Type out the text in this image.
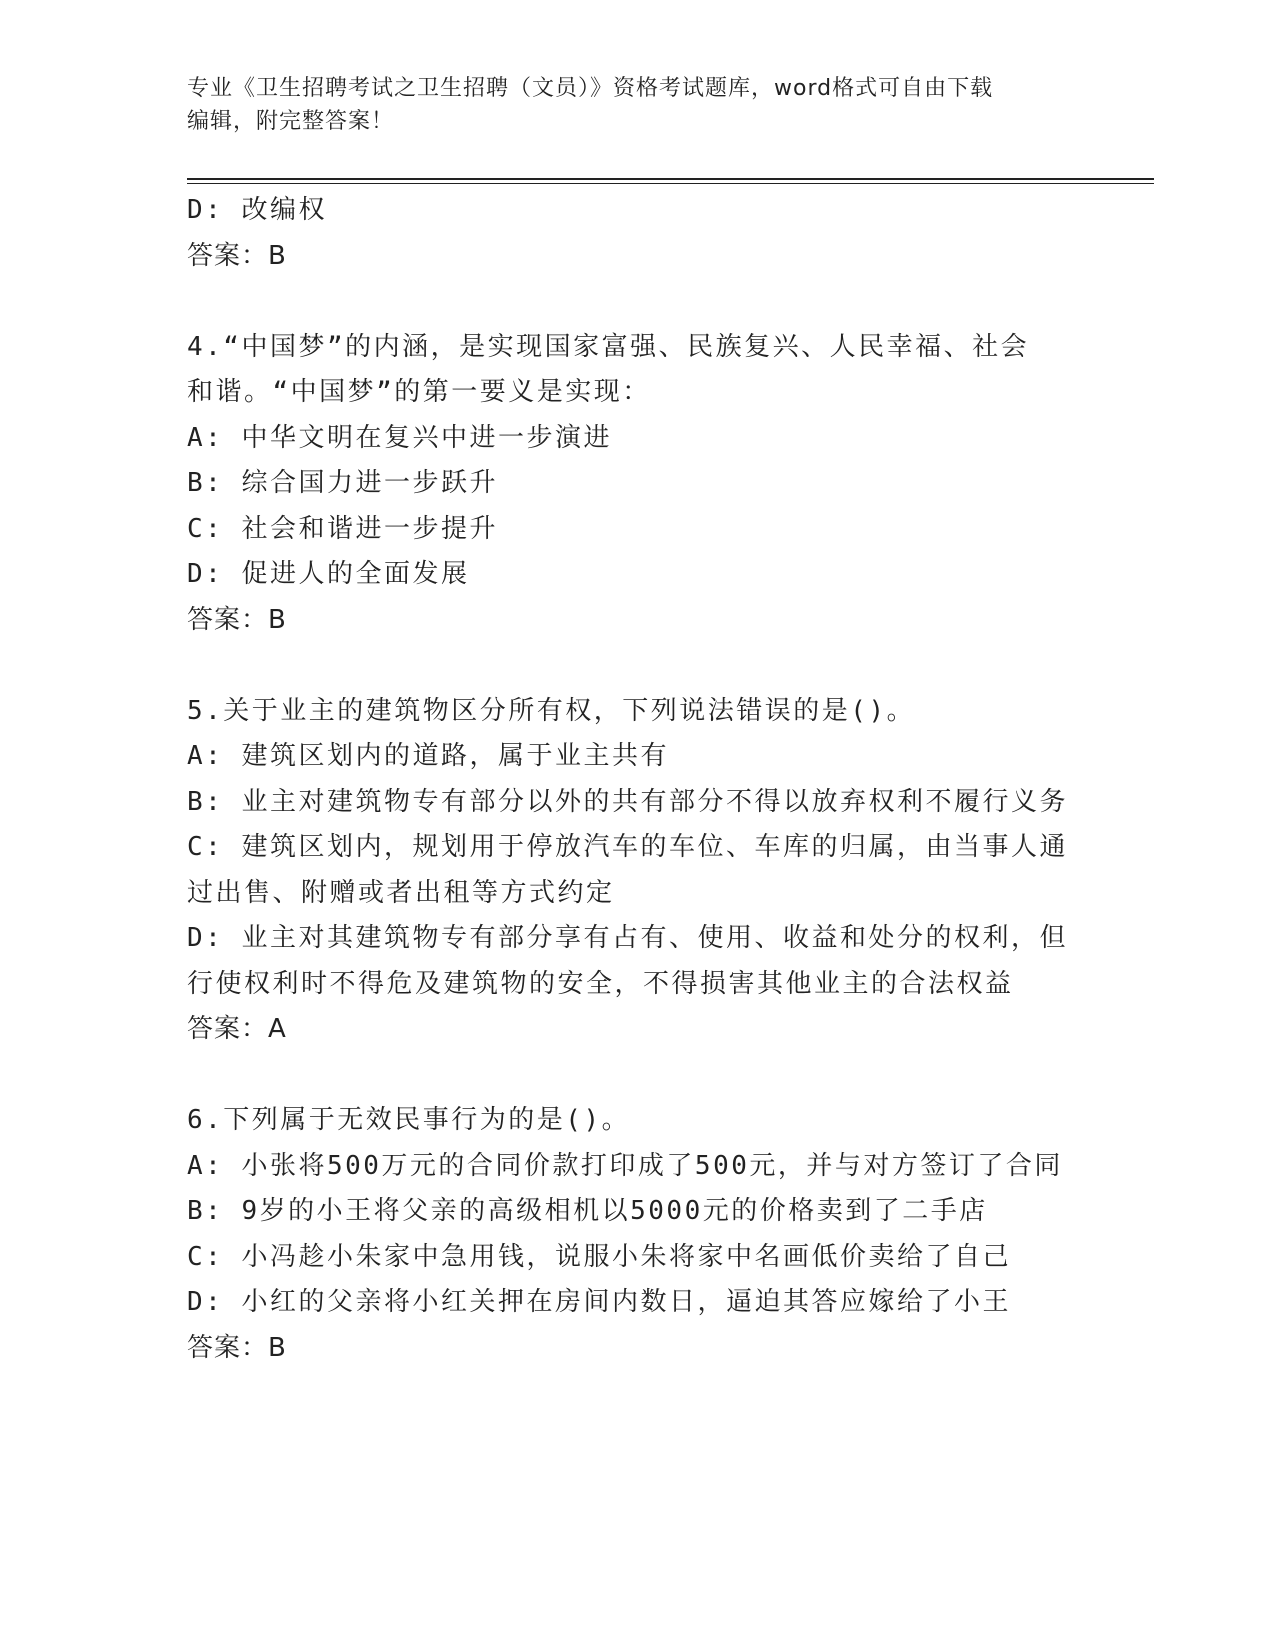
专业《卫生招聘考试之卫生招聘（文员）》资格考试题库，word格式可自由下载
编辑，附完整答案！
D: 改编权
答案：B
4.“中国梦”的内涵，是实现国家富强、民族复兴、人民幸福、社会
和谐。“中国梦”的第一要义是实现：
A: 中华文明在复兴中进一步演进
B: 综合国力进一步跃升
C: 社会和谐进一步提升
D: 促进人的全面发展
答案：B
5.关于业主的建筑物区分所有权，下列说法错误的是()。
A: 建筑区划内的道路，属于业主共有
B: 业主对建筑物专有部分以外的共有部分不得以放弃权利不履行义务
C: 建筑区划内，规划用于停放汽车的车位、车库的归属，由当事人通
过出售、附赠或者出租等方式约定
D: 业主对其建筑物专有部分享有占有、使用、收益和处分的权利，但
行使权利时不得危及建筑物的安全，不得损害其他业主的合法权益
答案：A
6.下列属于无效民事行为的是()。
A: 小张将500万元的合同价款打印成了500元，并与对方签订了合同
B: 9岁的小王将父亲的高级相机以5000元的价格卖到了二手店
C: 小冯趁小朱家中急用钱，说服小朱将家中名画低价卖给了自己
D: 小红的父亲将小红关押在房间内数日，逼迫其答应嫁给了小王
答案：B
